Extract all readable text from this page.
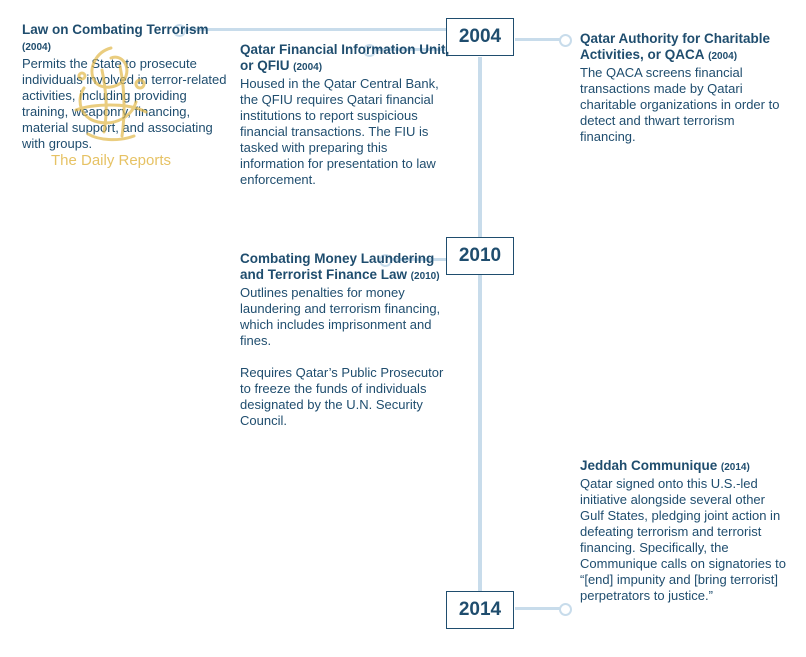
2004
2010
2014
Law on Combating Terrorism (2004)
Permits the State to prosecute individuals involved in terror-related activities, including providing training, weaponry, financing, material support, and associating with groups.
Qatar Financial Information Unit, or QFIU (2004)
Housed in the Qatar Central Bank, the QFIU requires Qatari financial institutions to report suspicious financial transactions. The FIU is tasked with preparing this information for presentation to law enforcement.
Qatar Authority for Charitable Activities, or QACA (2004)
The QACA screens financial transactions made by Qatari charitable organizations in order to detect and thwart terrorism financing.
Combating Money Laundering and Terrorist Finance Law (2010)
Outlines penalties for money laundering and terrorism financing, which includes imprisonment and fines.
Requires Qatar’s Public Prosecutor to freeze the funds of individuals designated by the U.N. Security Council.
Jeddah Communique (2014)
Qatar signed onto this U.S.-led initiative alongside several other Gulf States, pledging joint action in defeating terrorism and terrorist financing. Specifically, the Communique calls on signatories to “[end] impunity and [bring terrorist] perpetrators to justice.”
The Daily Reports
